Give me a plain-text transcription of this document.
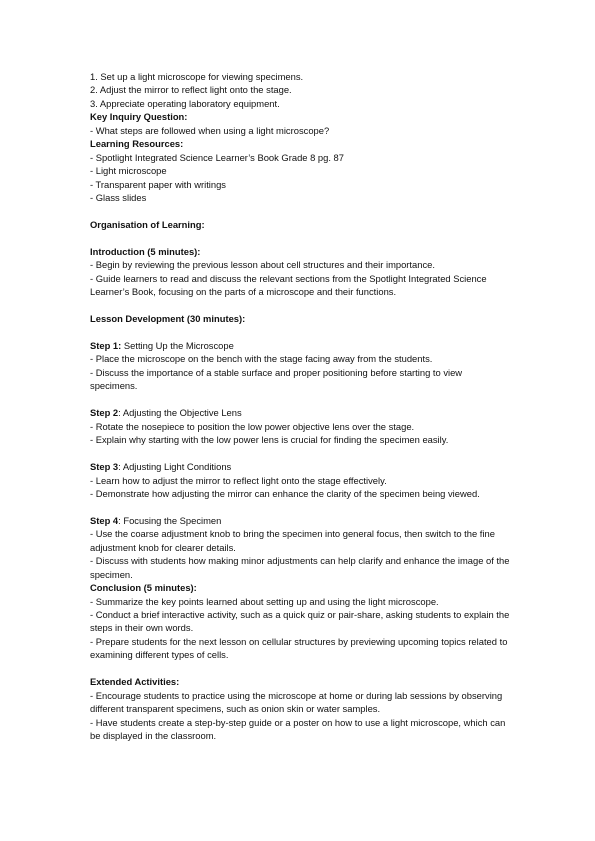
1. Set up a light microscope for viewing specimens.
2. Adjust the mirror to reflect light onto the stage.
3. Appreciate operating laboratory equipment.
Key Inquiry Question:
- What steps are followed when using a light microscope?
Learning Resources:
- Spotlight Integrated Science Learner’s Book Grade 8 pg. 87
- Light microscope
- Transparent paper with writings
- Glass slides
Organisation of Learning:
Introduction (5 minutes):
- Begin by reviewing the previous lesson about cell structures and their importance.
- Guide learners to read and discuss the relevant sections from the Spotlight Integrated Science Learner’s Book, focusing on the parts of a microscope and their functions.
Lesson Development (30 minutes):
Step 1: Setting Up the Microscope
- Place the microscope on the bench with the stage facing away from the students.
- Discuss the importance of a stable surface and proper positioning before starting to view specimens.
Step 2: Adjusting the Objective Lens
- Rotate the nosepiece to position the low power objective lens over the stage.
- Explain why starting with the low power lens is crucial for finding the specimen easily.
Step 3: Adjusting Light Conditions
- Learn how to adjust the mirror to reflect light onto the stage effectively.
- Demonstrate how adjusting the mirror can enhance the clarity of the specimen being viewed.
Step 4: Focusing the Specimen
- Use the coarse adjustment knob to bring the specimen into general focus, then switch to the fine adjustment knob for clearer details.
- Discuss with students how making minor adjustments can help clarify and enhance the image of the specimen.
Conclusion (5 minutes):
- Summarize the key points learned about setting up and using the light microscope.
- Conduct a brief interactive activity, such as a quick quiz or pair-share, asking students to explain the steps in their own words.
- Prepare students for the next lesson on cellular structures by previewing upcoming topics related to examining different types of cells.
Extended Activities:
- Encourage students to practice using the microscope at home or during lab sessions by observing different transparent specimens, such as onion skin or water samples.
- Have students create a step-by-step guide or a poster on how to use a light microscope, which can be displayed in the classroom.
